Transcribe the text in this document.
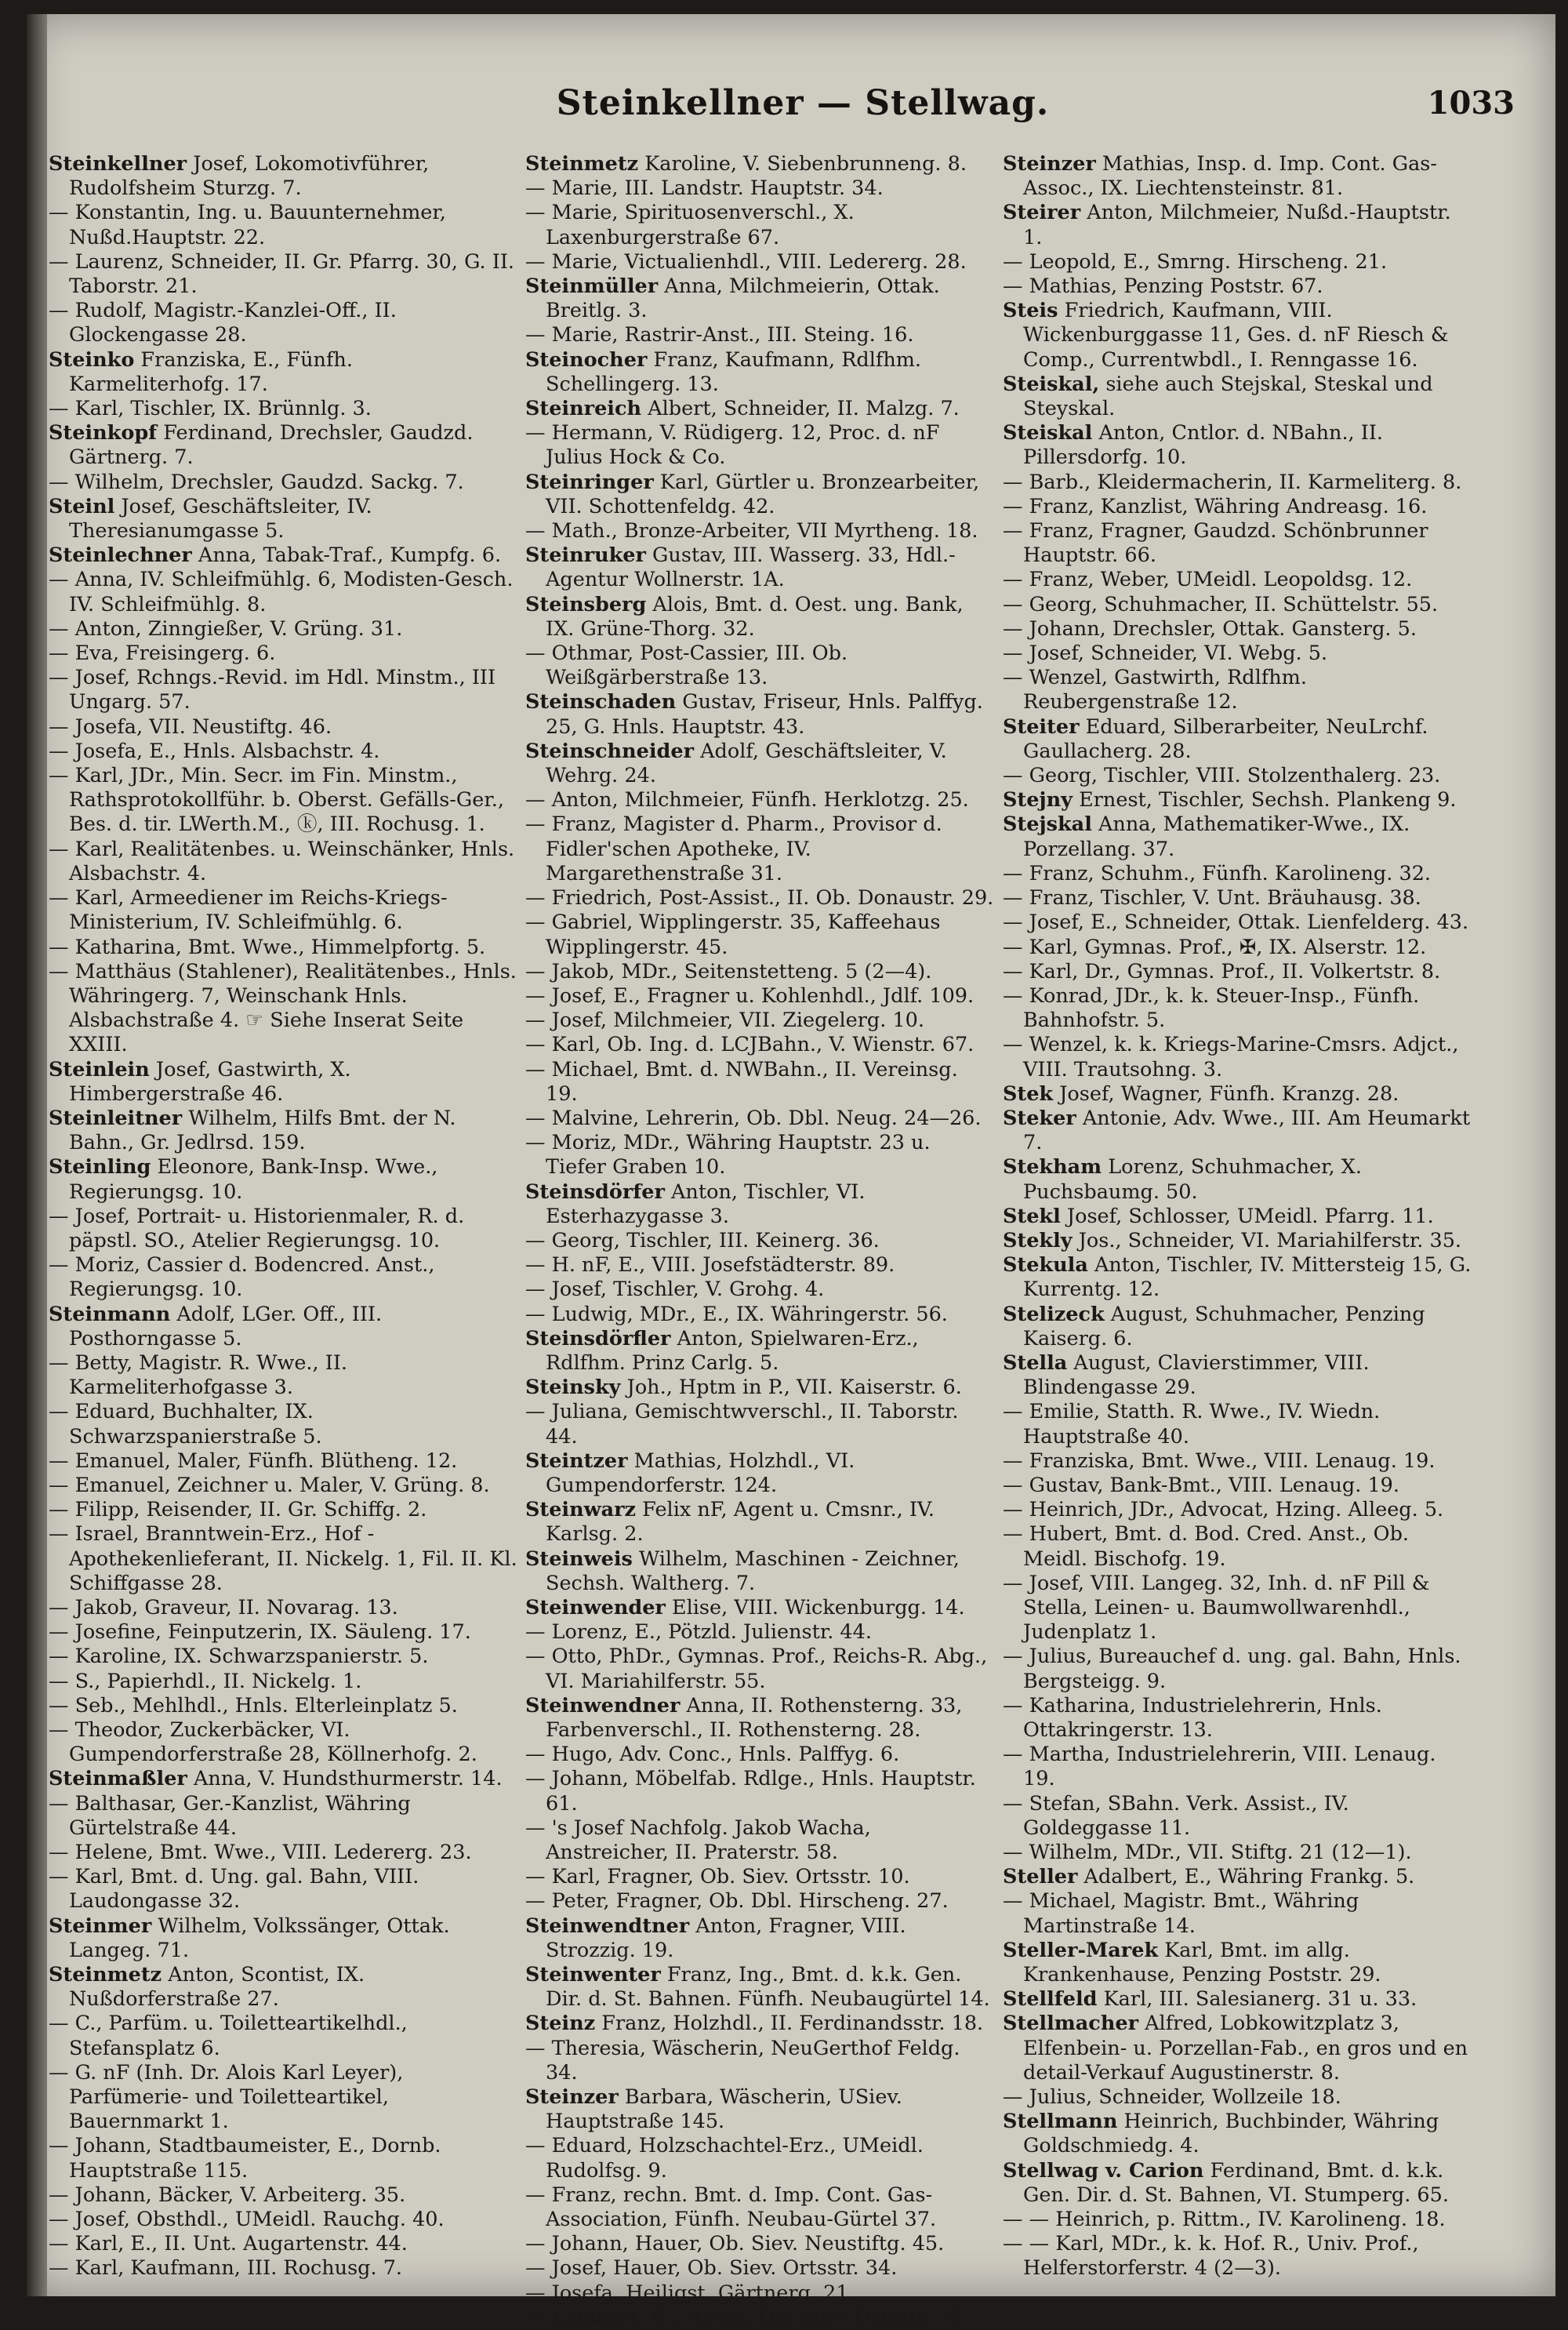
Steinkellner — Stellwag.	1033
Steinkellner Josef, Lokomotivführer, Rudolfsheim Sturzg. 7.
— Konstantin, Ing. u. Bauunternehmer, Nußd.Hauptstr. 22.
— Laurenz, Schneider, II. Gr. Pfarrg. 30, G. II. Taborstr. 21.
— Rudolf, Magistr.-Kanzlei-Off., II. Glockengasse 28.
Steinko Franziska, E., Fünfh. Karmeliterhofg. 17.
— Karl, Tischler, IX. Brünnlg. 3.
Steinkopf Ferdinand, Drechsler, Gaudzd. Gärtnerg. 7.
— Wilhelm, Drechsler, Gaudzd. Sackg. 7.
Steinl Josef, Geschäftsleiter, IV. Theresianumgasse 5.
Steinlechner Anna, Tabak-Traf., Kumpfg. 6.
— Anna, IV. Schleifmühlg. 6, Modisten-Gesch. IV. Schleifmühlg. 8.
— Anton, Zinngießer, V. Grüng. 31.
— Eva, Freisingerg. 6.
— Josef, Rchngs.-Revid. im Hdl. Minstm., III Ungarg. 57.
— Josefa, VII. Neustiftg. 46.
— Josefa, E., Hnls. Alsbachstr. 4.
— Karl, JDr., Min. Secr. im Fin. Minstm., Rathsprotokollführ. b. Oberst. Gefälls-Ger., Bes. d. tir. LWerth.M., ⓚ, III. Rochusg. 1.
— Karl, Realitätenbes. u. Weinschänker, Hnls. Alsbachstr. 4.
— Karl, Armeediener im Reichs-Kriegs-Ministerium, IV. Schleifmühlg. 6.
— Katharina, Bmt. Wwe., Himmelpfortg. 5.
— Matthäus (Stahlener), Realitätenbes., Hnls. Währingerg. 7, Weinschank Hnls. Alsbachstraße 4. ☞ Siehe Inserat Seite XXIII.
Steinlein Josef, Gastwirth, X. Himbergerstraße 46.
Steinleitner Wilhelm, Hilfs Bmt. der N. Bahn., Gr. Jedlrsd. 159.
Steinling Eleonore, Bank-Insp. Wwe., Regierungsg. 10.
— Josef, Portrait- u. Historienmaler, R. d. päpstl. SO., Atelier Regierungsg. 10.
— Moriz, Cassier d. Bodencred. Anst., Regierungsg. 10.
Steinmann Adolf, LGer. Off., III. Posthorngasse 5.
— Betty, Magistr. R. Wwe., II. Karmeliterhofgasse 3.
— Eduard, Buchhalter, IX. Schwarzspanierstraße 5.
— Emanuel, Maler, Fünfh. Blütheng. 12.
— Emanuel, Zeichner u. Maler, V. Grüng. 8.
— Filipp, Reisender, II. Gr. Schiffg. 2.
— Israel, Branntwein-Erz., Hof - Apothekenlieferant, II. Nickelg. 1, Fil. II. Kl. Schiffgasse 28.
— Jakob, Graveur, II. Novarag. 13.
— Josefine, Feinputzerin, IX. Säuleng. 17.
— Karoline, IX. Schwarzspanierstr. 5.
— S., Papierhdl., II. Nickelg. 1.
— Seb., Mehlhdl., Hnls. Elterleinplatz 5.
— Theodor, Zuckerbäcker, VI. Gumpendorferstraße 28, Köllnerhofg. 2.
Steinmaßler Anna, V. Hundsthurmerstr. 14.
— Balthasar, Ger.-Kanzlist, Währing Gürtelstraße 44.
— Helene, Bmt. Wwe., VIII. Ledererg. 23.
— Karl, Bmt. d. Ung. gal. Bahn, VIII. Laudongasse 32.
Steinmer Wilhelm, Volkssänger, Ottak. Langeg. 71.
Steinmetz Anton, Scontist, IX. Nußdorferstraße 27.
— C., Parfüm. u. Toiletteartikelhdl., Stefansplatz 6.
— G. nF (Inh. Dr. Alois Karl Leyer), Parfümerie- und Toiletteartikel, Bauernmarkt 1.
— Johann, Stadtbaumeister, E., Dornb. Hauptstraße 115.
— Johann, Bäcker, V. Arbeiterg. 35.
— Josef, Obsthdl., UMeidl. Rauchg. 40.
— Karl, E., II. Unt. Augartenstr. 44.
— Karl, Kaufmann, III. Rochusg. 7.
Steinmetz Karoline, V. Siebenbrunneng. 8.
— Marie, III. Landstr. Hauptstr. 34.
— Marie, Spirituosenverschl., X. Laxenburgerstraße 67.
— Marie, Victualienhdl., VIII. Ledererg. 28.
Steinmüller Anna, Milchmeierin, Ottak. Breitlg. 3.
— Marie, Rastrir-Anst., III. Steing. 16.
Steinocher Franz, Kaufmann, Rdlfhm. Schellingerg. 13.
Steinreich Albert, Schneider, II. Malzg. 7.
— Hermann, V. Rüdigerg. 12, Proc. d. nF Julius Hock & Co.
Steinringer Karl, Gürtler u. Bronzearbeiter, VII. Schottenfeldg. 42.
— Math., Bronze-Arbeiter, VII Myrtheng. 18.
Steinruker Gustav, III. Wasserg. 33, Hdl.-Agentur Wollnerstr. 1A.
Steinsberg Alois, Bmt. d. Oest. ung. Bank, IX. Grüne-Thorg. 32.
— Othmar, Post-Cassier, III. Ob. Weißgärberstraße 13.
Steinschaden Gustav, Friseur, Hnls. Palffyg. 25, G. Hnls. Hauptstr. 43.
Steinschneider Adolf, Geschäftsleiter, V. Wehrg. 24.
— Anton, Milchmeier, Fünfh. Herklotzg. 25.
— Franz, Magister d. Pharm., Provisor d. Fidler'schen Apotheke, IV. Margarethenstraße 31.
— Friedrich, Post-Assist., II. Ob. Donaustr. 29.
— Gabriel, Wipplingerstr. 35, Kaffeehaus Wipplingerstr. 45.
— Jakob, MDr., Seitenstetteng. 5 (2—4).
— Josef, E., Fragner u. Kohlenhdl., Jdlf. 109.
— Josef, Milchmeier, VII. Ziegelerg. 10.
— Karl, Ob. Ing. d. LCJBahn., V. Wienstr. 67.
— Michael, Bmt. d. NWBahn., II. Vereinsg. 19.
— Malvine, Lehrerin, Ob. Dbl. Neug. 24—26.
— Moriz, MDr., Währing Hauptstr. 23 u. Tiefer Graben 10.
Steinsdörfer Anton, Tischler, VI. Esterhazygasse 3.
— Georg, Tischler, III. Keinerg. 36.
— H. nF, E., VIII. Josefstädterstr. 89.
— Josef, Tischler, V. Grohg. 4.
— Ludwig, MDr., E., IX. Währingerstr. 56.
Steinsdörfler Anton, Spielwaren-Erz., Rdlfhm. Prinz Carlg. 5.
Steinsky Joh., Hptm in P., VII. Kaiserstr. 6.
— Juliana, Gemischtwverschl., II. Taborstr. 44.
Steintzer Mathias, Holzhdl., VI. Gumpendorferstr. 124.
Steinwarz Felix nF, Agent u. Cmsnr., IV. Karlsg. 2.
Steinweis Wilhelm, Maschinen - Zeichner, Sechsh. Waltherg. 7.
Steinwender Elise, VIII. Wickenburgg. 14.
— Lorenz, E., Pötzld. Julienstr. 44.
— Otto, PhDr., Gymnas. Prof., Reichs-R. Abg., VI. Mariahilferstr. 55.
Steinwendner Anna, II. Rothensterng. 33, Farbenverschl., II. Rothensterng. 28.
— Hugo, Adv. Conc., Hnls. Palffyg. 6.
— Johann, Möbelfab. Rdlge., Hnls. Hauptstr. 61.
— 's Josef Nachfolg. Jakob Wacha, Anstreicher, II. Praterstr. 58.
— Karl, Fragner, Ob. Siev. Ortsstr. 10.
— Peter, Fragner, Ob. Dbl. Hirscheng. 27.
Steinwendtner Anton, Fragner, VIII. Strozzig. 19.
Steinwenter Franz, Ing., Bmt. d. k.k. Gen. Dir. d. St. Bahnen. Fünfh. Neubaugürtel 14.
Steinz Franz, Holzhdl., II. Ferdinandsstr. 18.
— Theresia, Wäscherin, NeuGerthof Feldg. 34.
Steinzer Barbara, Wäscherin, USiev. Hauptstraße 145.
— Eduard, Holzschachtel-Erz., UMeidl. Rudolfsg. 9.
— Franz, rechn. Bmt. d. Imp. Cont. Gas-Association, Fünfh. Neubau-Gürtel 37.
— Johann, Hauer, Ob. Siev. Neustiftg. 45.
— Josef, Hauer, Ob. Siev. Ortsstr. 34.
— Josefa, Heiligst. Gärtnerg. 21.
— Lambert, E., Hauer, Ob. Siev. Ortsstr. 72.
Steinzer Mathias, Insp. d. Imp. Cont. Gas-Assoc., IX. Liechtensteinstr. 81.
Steirer Anton, Milchmeier, Nußd.-Hauptstr. 1.
— Leopold, E., Smrng. Hirscheng. 21.
— Mathias, Penzing Poststr. 67.
Steis Friedrich, Kaufmann, VIII. Wickenburggasse 11, Ges. d. nF Riesch & Comp., Currentwbdl., I. Renngasse 16.
Steiskal, siehe auch Stejskal, Steskal und Steyskal.
Steiskal Anton, Cntlor. d. NBahn., II. Pillersdorfg. 10.
— Barb., Kleidermacherin, II. Karmeliterg. 8.
— Franz, Kanzlist, Währing Andreasg. 16.
— Franz, Fragner, Gaudzd. Schönbrunner Hauptstr. 66.
— Franz, Weber, UMeidl. Leopoldsg. 12.
— Georg, Schuhmacher, II. Schüttelstr. 55.
— Johann, Drechsler, Ottak. Gansterg. 5.
— Josef, Schneider, VI. Webg. 5.
— Wenzel, Gastwirth, Rdlfhm. Reubergenstraße 12.
Steiter Eduard, Silberarbeiter, NeuLrchf. Gaullacherg. 28.
— Georg, Tischler, VIII. Stolzenthalerg. 23.
Stejny Ernest, Tischler, Sechsh. Plankeng 9.
Stejskal Anna, Mathematiker-Wwe., IX. Porzellang. 37.
— Franz, Schuhm., Fünfh. Karolineng. 32.
— Franz, Tischler, V. Unt. Bräuhausg. 38.
— Josef, E., Schneider, Ottak. Lienfelderg. 43.
— Karl, Gymnas. Prof., ✠, IX. Alserstr. 12.
— Karl, Dr., Gymnas. Prof., II. Volkertstr. 8.
— Konrad, JDr., k. k. Steuer-Insp., Fünfh. Bahnhofstr. 5.
— Wenzel, k. k. Kriegs-Marine-Cmsrs. Adjct., VIII. Trautsohng. 3.
Stek Josef, Wagner, Fünfh. Kranzg. 28.
Steker Antonie, Adv. Wwe., III. Am Heumarkt 7.
Stekham Lorenz, Schuhmacher, X. Puchsbaumg. 50.
Stekl Josef, Schlosser, UMeidl. Pfarrg. 11.
Stekly Jos., Schneider, VI. Mariahilferstr. 35.
Stekula Anton, Tischler, IV. Mittersteig 15, G. Kurrentg. 12.
Stelizeck August, Schuhmacher, Penzing Kaiserg. 6.
Stella August, Clavierstimmer, VIII. Blindengasse 29.
— Emilie, Statth. R. Wwe., IV. Wiedn. Hauptstraße 40.
— Franziska, Bmt. Wwe., VIII. Lenaug. 19.
— Gustav, Bank-Bmt., VIII. Lenaug. 19.
— Heinrich, JDr., Advocat, Hzing. Alleeg. 5.
— Hubert, Bmt. d. Bod. Cred. Anst., Ob. Meidl. Bischofg. 19.
— Josef, VIII. Langeg. 32, Inh. d. nF Pill & Stella, Leinen- u. Baumwollwarenhdl., Judenplatz 1.
— Julius, Bureauchef d. ung. gal. Bahn, Hnls. Bergsteigg. 9.
— Katharina, Industrielehrerin, Hnls. Ottakringerstr. 13.
— Martha, Industrielehrerin, VIII. Lenaug. 19.
— Stefan, SBahn. Verk. Assist., IV. Goldeggasse 11.
— Wilhelm, MDr., VII. Stiftg. 21 (12—1).
Steller Adalbert, E., Währing Frankg. 5.
— Michael, Magistr. Bmt., Währing Martinstraße 14.
Steller-Marek Karl, Bmt. im allg. Krankenhause, Penzing Poststr. 29.
Stellfeld Karl, III. Salesianerg. 31 u. 33.
Stellmacher Alfred, Lobkowitzplatz 3, Elfenbein- u. Porzellan-Fab., en gros und en detail-Verkauf Augustinerstr. 8.
— Julius, Schneider, Wollzeile 18.
Stellmann Heinrich, Buchbinder, Währing Goldschmiedg. 4.
Stellwag v. Carion Ferdinand, Bmt. d. k.k. Gen. Dir. d. St. Bahnen, VI. Stumperg. 65.
— — Heinrich, p. Rittm., IV. Karolineng. 18.
— — Karl, MDr., k. k. Hof. R., Univ. Prof., Helferstorferstr. 4 (2—3).
